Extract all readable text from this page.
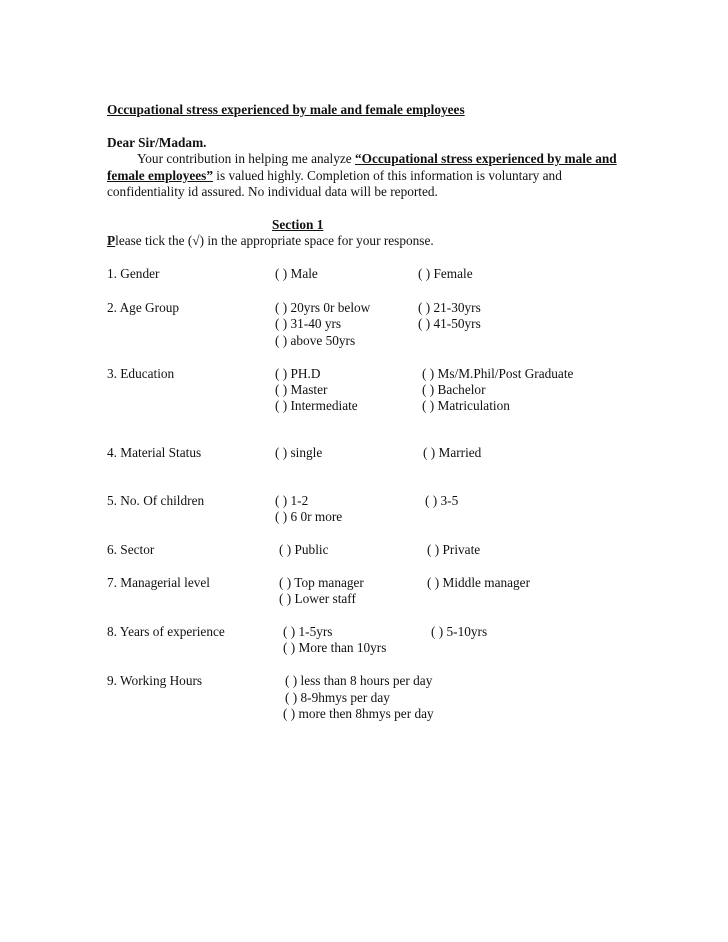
Occupational stress experienced by male and female employees
Dear Sir/Madam.

Your contribution in helping me analyze “Occupational stress experienced by male and female employees” is valued highly. Completion of this information is voluntary and confidentiality id assured. No individual data will be reported.

Section 1
Please tick the (√) in the appropriate space for your response.
1. Gender	( ) Male	( ) Female
2. Age Group	( ) 20yrs 0r below	( ) 21-30yrs
( ) 31-40 yrs	( ) 41-50yrs
( ) above 50yrs
3. Education	( ) PH.D	( ) Ms/M.Phil/Post Graduate
( ) Master	( ) Bachelor
( ) Intermediate	( ) Matriculation
4. Material Status	( ) single	( ) Married
5. No. Of children	( ) 1-2	( ) 3-5
( ) 6 0r more
6. Sector	( ) Public	( ) Private
7. Managerial level	( ) Top manager	( ) Middle manager
( ) Lower staff
8. Years of experience	( ) 1-5yrs	( ) 5-10yrs
( ) More than 10yrs
9. Working Hours	( ) less than 8 hours per day
( ) 8-9hmys per day
( ) more then 8hmys per day
